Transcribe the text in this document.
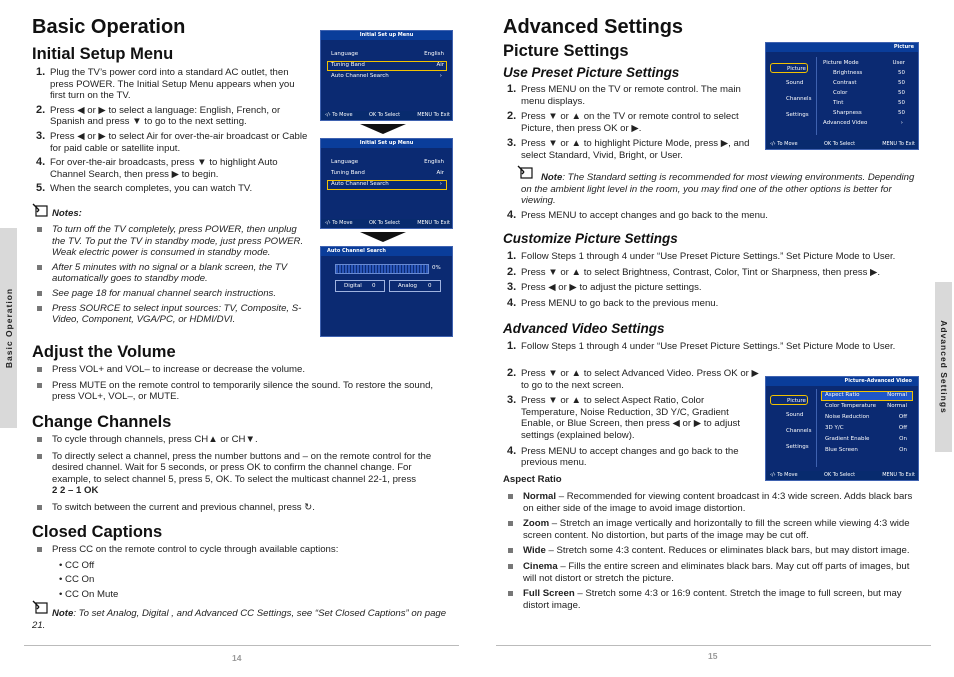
Basic Operation
Basic Operation
Initial Setup Menu
1. Plug the TV’s power cord into a standard AC outlet, then press POWER. The Initial Setup Menu appears when you first turn on the TV.
2. Press ◀ or ▶ to select a language: English, French, or Spanish and press ▼ to go to the next setting.
3. Press ◀ or ▶ to select Air for over-the-air broadcast or Cable for paid cable or satellite input.
4. For over-the-air broadcasts, press ▼ to highlight Auto Channel Search, then press ▶ to begin.
5. When the search completes, you can watch TV.
Notes:
To turn off the TV completely, press POWER, then unplug the TV. To put the TV in standby mode, just press POWER. Weak electric power is consumed in standby mode.
After 5 minutes with no signal or a blank screen, the TV automatically goes to standby mode.
See page 18 for manual channel search instructions.
Press SOURCE to select input sources: TV, Composite, S-Video, Component, VGA/PC, or HDMI/DVI.
Adjust the Volume
Press VOL+ and VOL– to increase or decrease the volume.
Press MUTE on the remote control to temporarily silence the sound. To restore the sound, press VOL+, VOL–, or MUTE.
Change Channels
To cycle through channels, press CH▲ or CH▼.
To directly select a channel, press the number buttons and – on the remote control for the desired channel. Wait for 5 seconds, or press OK to confirm the channel change. For example, to select channel 5, press 5, OK. To select the multicast channel 22-1, press
2 2 – 1 OK
To switch between the current and previous channel, press ↻.
Closed Captions
Press CC on the remote control to cycle through available captions:
• CC Off
• CC On
• CC On Mute
Note: To set Analog, Digital , and Advanced CC Settings, see “Set Closed Captions” on page 21.
Initial Set up Menu
Language	English
Tuning Band	Air
Auto Channel Search	›
‹/› To Move	OK To Select	MENU To Exit
Initial Set up Menu
Language	English
Tuning Band	Air
Auto Channel Search	›
‹/› To Move	OK To Select	MENU To Exit
Auto Channel Search
0%
Digital 0	Analog 0
14
Advanced Settings
Picture Settings
Use Preset Picture Settings
1. Press MENU on the TV or remote control. The main menu displays.
2. Press ▼ or ▲ on the TV or remote control to select Picture, then press OK or ▶.
3. Press ▼ or ▲ to highlight Picture Mode, press ▶, and select Standard, Vivid, Bright, or User.
Note: The Standard setting is recommended for most viewing environments. Depending on the ambient light level in the room, you may find one of the other options is better for viewing.
4. Press MENU to accept changes and go back to the menu.
Customize Picture Settings
1. Follow Steps 1 through 4 under “Use Preset Picture Settings.” Set Picture Mode to User.
2. Press ▼ or ▲ to select Brightness, Contrast, Color, Tint or Sharpness, then press ▶.
3. Press ◀ or ▶ to adjust the picture settings.
4. Press MENU to go back to the previous menu.
Advanced Video Settings
1. Follow Steps 1 through 4 under “Use Preset Picture Settings.” Set Picture Mode to User.
2. Press ▼ or ▲ to select Advanced Video. Press OK or ▶ to go to the next screen.
3. Press ▼ or ▲ to select Aspect Ratio, Color Temperature, Noise Reduction, 3D Y/C, Gradient Enable, or Blue Screen, then press ◀ or ▶ to adjust settings (explained below).
4. Press MENU to accept changes and go back to the previous menu.
Aspect Ratio
Normal – Recommended for viewing content broadcast in 4:3 wide screen. Adds black bars on either side of the image to avoid image distortion.
Zoom – Stretch an image vertically and horizontally to fill the screen while viewing 4:3 wide screen content. No distortion, but parts of the image may be cut off.
Wide – Stretch some 4:3 content. Reduces or eliminates black bars, but may distort image.
Cinema – Fills the entire screen and eliminates black bars. May cut off parts of images, but will not distort or stretch the picture.
Full Screen – Stretch some 4:3 or 16:9 content. Stretch the image to full screen, but may distort image.
Picture
Picture
Sound
Channels
Settings
Picture Mode	User
Brightness	50
Contrast	50
Color	50
Tint	50
Sharpness	50
Advanced Video	›
‹/› To Move	OK To Select	MENU To Exit
Picture-Advanced Video
Picture
Sound
Channels
Settings
Aspect Ratio	Normal
Color Temperature Normal
Noise Reduction	Off
3D Y/C	Off
Gradient Enable	On
Blue Screen	On
‹/› To Move	OK To Select	MENU To Exit
Advanced Settings
15
